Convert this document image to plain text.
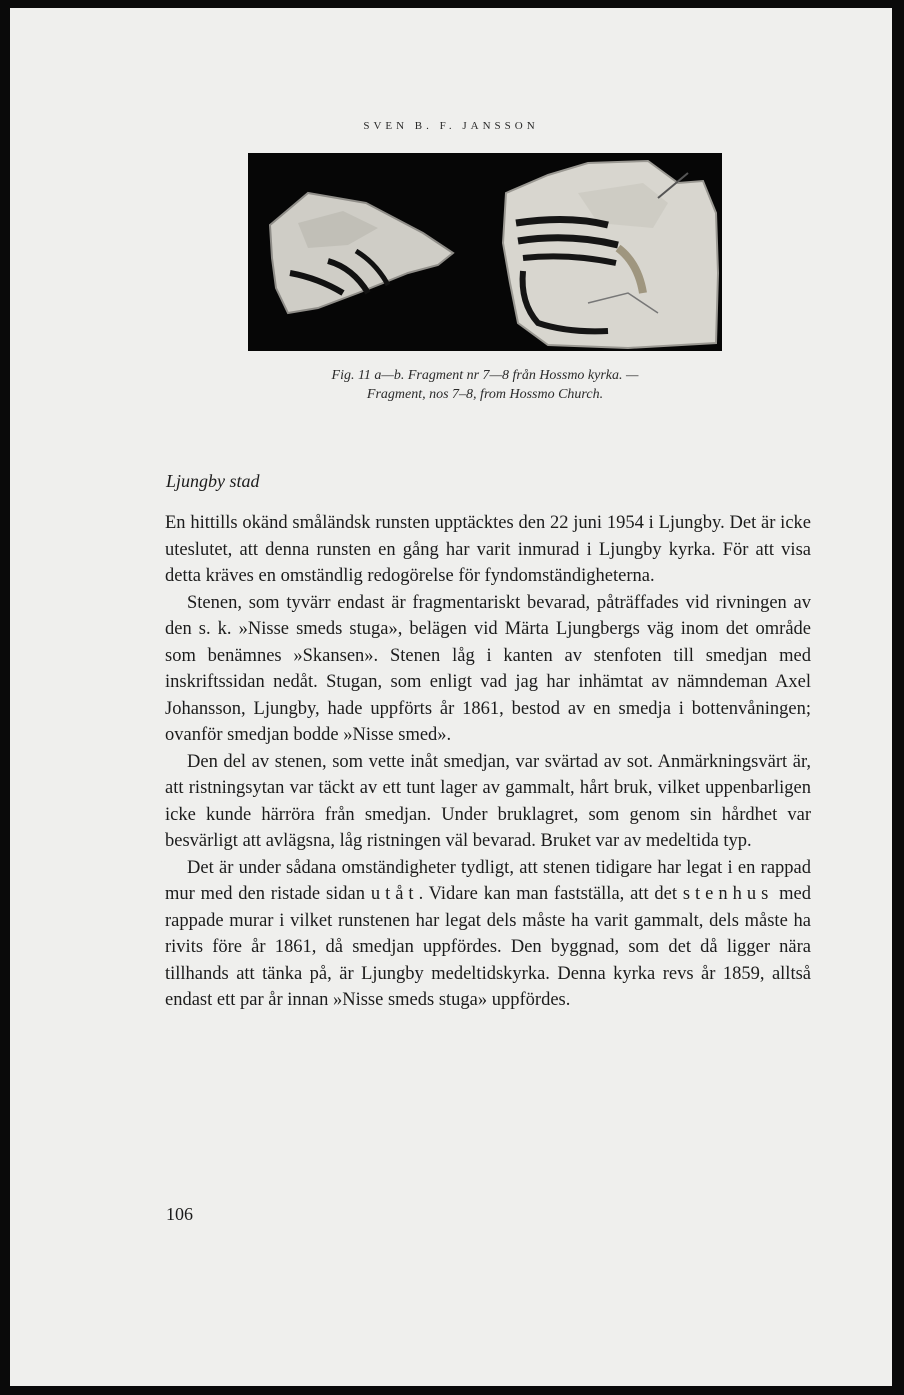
SVEN B. F. JANSSON
Fig. 11 a—b. Fragment nr 7—8 från Hossmo kyrka. —
Fragment, nos 7–8, from Hossmo Church.
Ljungby stad

En hittills okänd småländsk runsten upptäcktes den 22 juni 1954 i Ljungby. Det är icke uteslutet, att denna runsten en gång har varit inmurad i Ljungby kyrka. För att visa detta kräves en omständlig redogörelse för fyndomständigheterna.

Stenen, som tyvärr endast är fragmentariskt bevarad, påträffades vid rivningen av den s. k. »Nisse smeds stuga», belägen vid Märta Ljungbergs väg inom det område som benämnes »Skansen». Stenen låg i kanten av stenfoten till smedjan med inskriftssidan nedåt. Stugan, som enligt vad jag har inhämtat av nämndeman Axel Johansson, Ljungby, hade uppförts år 1861, bestod av en smedja i bottenvåningen; ovanför smedjan bodde »Nisse smed».

Den del av stenen, som vette inåt smedjan, var svärtad av sot. Anmärkningsvärt är, att ristningsytan var täckt av ett tunt lager av gammalt, hårt bruk, vilket uppenbarligen icke kunde härröra från smedjan. Under bruklagret, som genom sin hårdhet var besvärligt att avlägsna, låg ristningen väl bevarad. Bruket var av medeltida typ.

Det är under sådana omständigheter tydligt, att stenen tidigare har legat i en rappad mur med den ristade sidan utåt. Vidare kan man fastställa, att det stenhus med rappade murar i vilket runstenen har legat dels måste ha varit gammalt, dels måste ha rivits före år 1861, då smedjan uppfördes. Den byggnad, som det då ligger nära tillhands att tänka på, är Ljungby medeltidskyrka. Denna kyrka revs år 1859, alltså endast ett par år innan »Nisse smeds stuga» uppfördes.

106
